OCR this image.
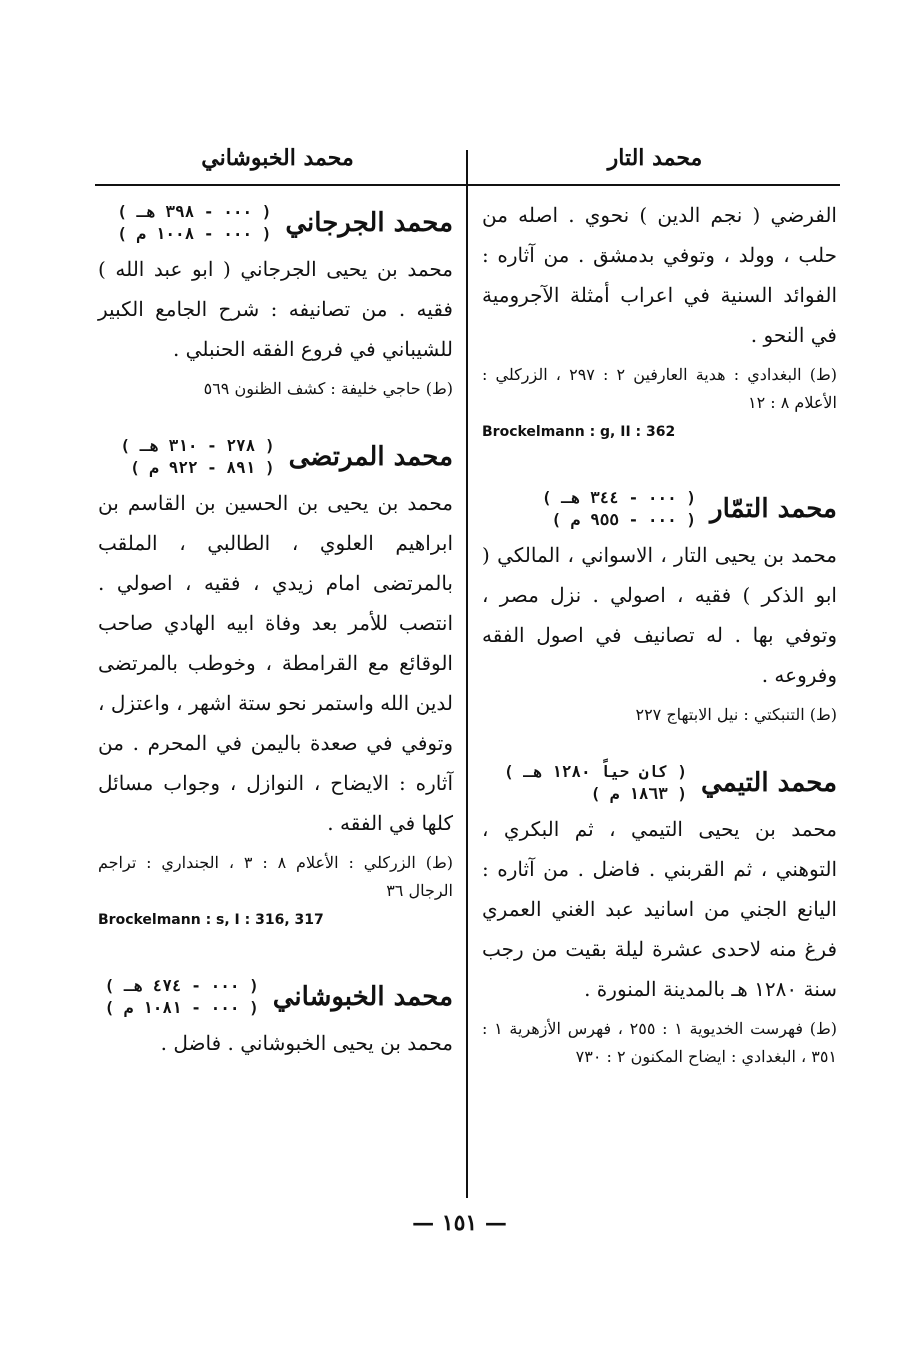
محمد التار
محمد الخبوشاني

الفرضي ( نجم الدين ) نحوي . اصله من حلب ، وولد ، وتوفي بدمشق . من آثاره : الفوائد السنية في اعراب أمثلة الآجرومية في النحو .

(ط) البغدادي : هدية العارفين ٢ : ٢٩٧ ، الزركلي : الأعلام ٨ : ١٢

Brockelmann : g, II : 362

محمد التمّار
( ٠٠٠ - ٣٤٤ هـ )
( ٠٠٠ - ٩٥٥ م )

محمد بن يحيى التار ، الاسواني ، المالكي ( ابو الذكر ) فقيه ، اصولي . نزل مصر ، وتوفي بها . له تصانيف في اصول الفقه وفروعه .

(ط) التنبكتي : نيل الابتهاج ٢٢٧

محمد التيمي
( كان حياً ١٢٨٠ هـ )
( ١٨٦٣ م )

محمد بن يحيى التيمي ، ثم البكري ، التوهني ، ثم القربني . فاضل . من آثاره : اليانع الجني من اسانيد عبد الغني العمري فرغ منه لاحدى عشرة ليلة بقيت من رجب سنة ١٢٨٠ هـ بالمدينة المنورة .

(ط) فهرست الخديوية ١ : ٢٥٥ ، فهرس الأزهرية ١ : ٣٥١ ، البغدادي : ايضاح المكنون ٢ : ٧٣٠

محمد الجرجاني
( ٠٠٠ - ٣٩٨ هـ )
( ٠٠٠ - ١٠٠٨ م )

محمد بن يحيى الجرجاني ( ابو عبد الله ) فقيه . من تصانيفه : شرح الجامع الكبير للشيباني في فروع الفقه الحنبلي .

(ط) حاجي خليفة : كشف الظنون ٥٦٩

محمد المرتضى
( ٢٧٨ - ٣١٠ هـ )
( ٨٩١ - ٩٢٢ م )

محمد بن يحيى بن الحسين بن القاسم بن ابراهيم العلوي ، الطالبي ، الملقب بالمرتضى امام زيدي ، فقيه ، اصولي . انتصب للأمر بعد وفاة ابيه الهادي صاحب الوقائع مع القرامطة ، وخوطب بالمرتضى لدين الله واستمر نحو ستة اشهر ، واعتزل ، وتوفي في صعدة باليمن في المحرم . من آثاره : الايضاح ، النوازل ، وجواب مسائل كلها في الفقه .

(ط) الزركلي : الأعلام ٨ : ٣ ، الجنداري : تراجم الرجال ٣٦

Brockelmann : s, I : 316, 317

محمد الخبوشاني
( ٠٠٠ - ٤٧٤ هـ )
( ٠٠٠ - ١٠٨١ م )

محمد بن يحيى الخبوشاني . فاضل .

— ١٥١ —
